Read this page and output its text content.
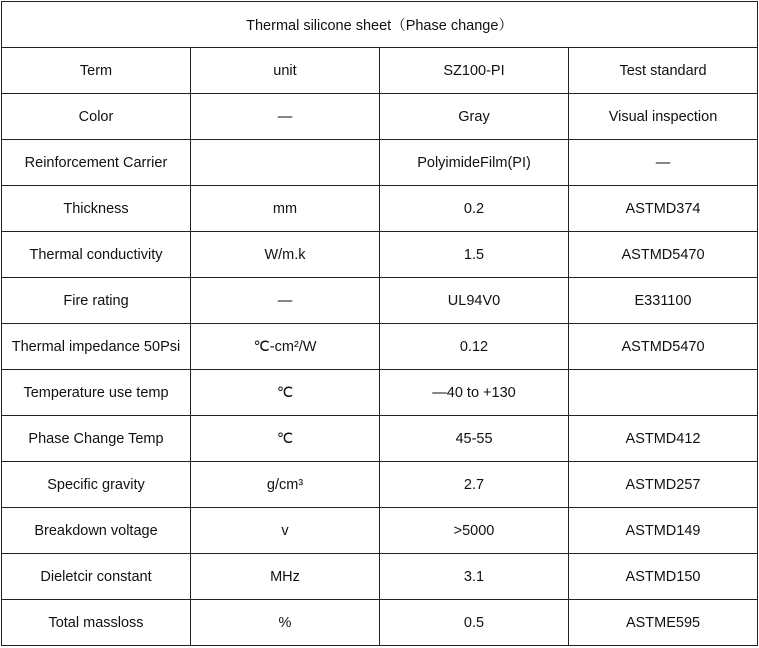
Thermal silicone sheet（Phase change）			
Term	unit	SZ100-PI	Test standard
Color	—	Gray	Visual inspection
Reinforcement Carrier		PolyimideFilm(PI)	—
Thickness	mm	0.2	ASTMD374
Thermal conductivity	W/m.k	1.5	ASTMD5470
Fire rating	—	UL94V0	E331100
Thermal impedance 50Psi	℃-cm²/W	0.12	ASTMD5470
Temperature use temp	℃	—40 to +130	
Phase Change Temp	℃	45-55	ASTMD412
Specific gravity	g/cm³	2.7	ASTMD257
Breakdown voltage	v	>5000	ASTMD149
Dieletcir constant	MHz	3.1	ASTMD150
Total massloss	%	0.5	ASTME595
